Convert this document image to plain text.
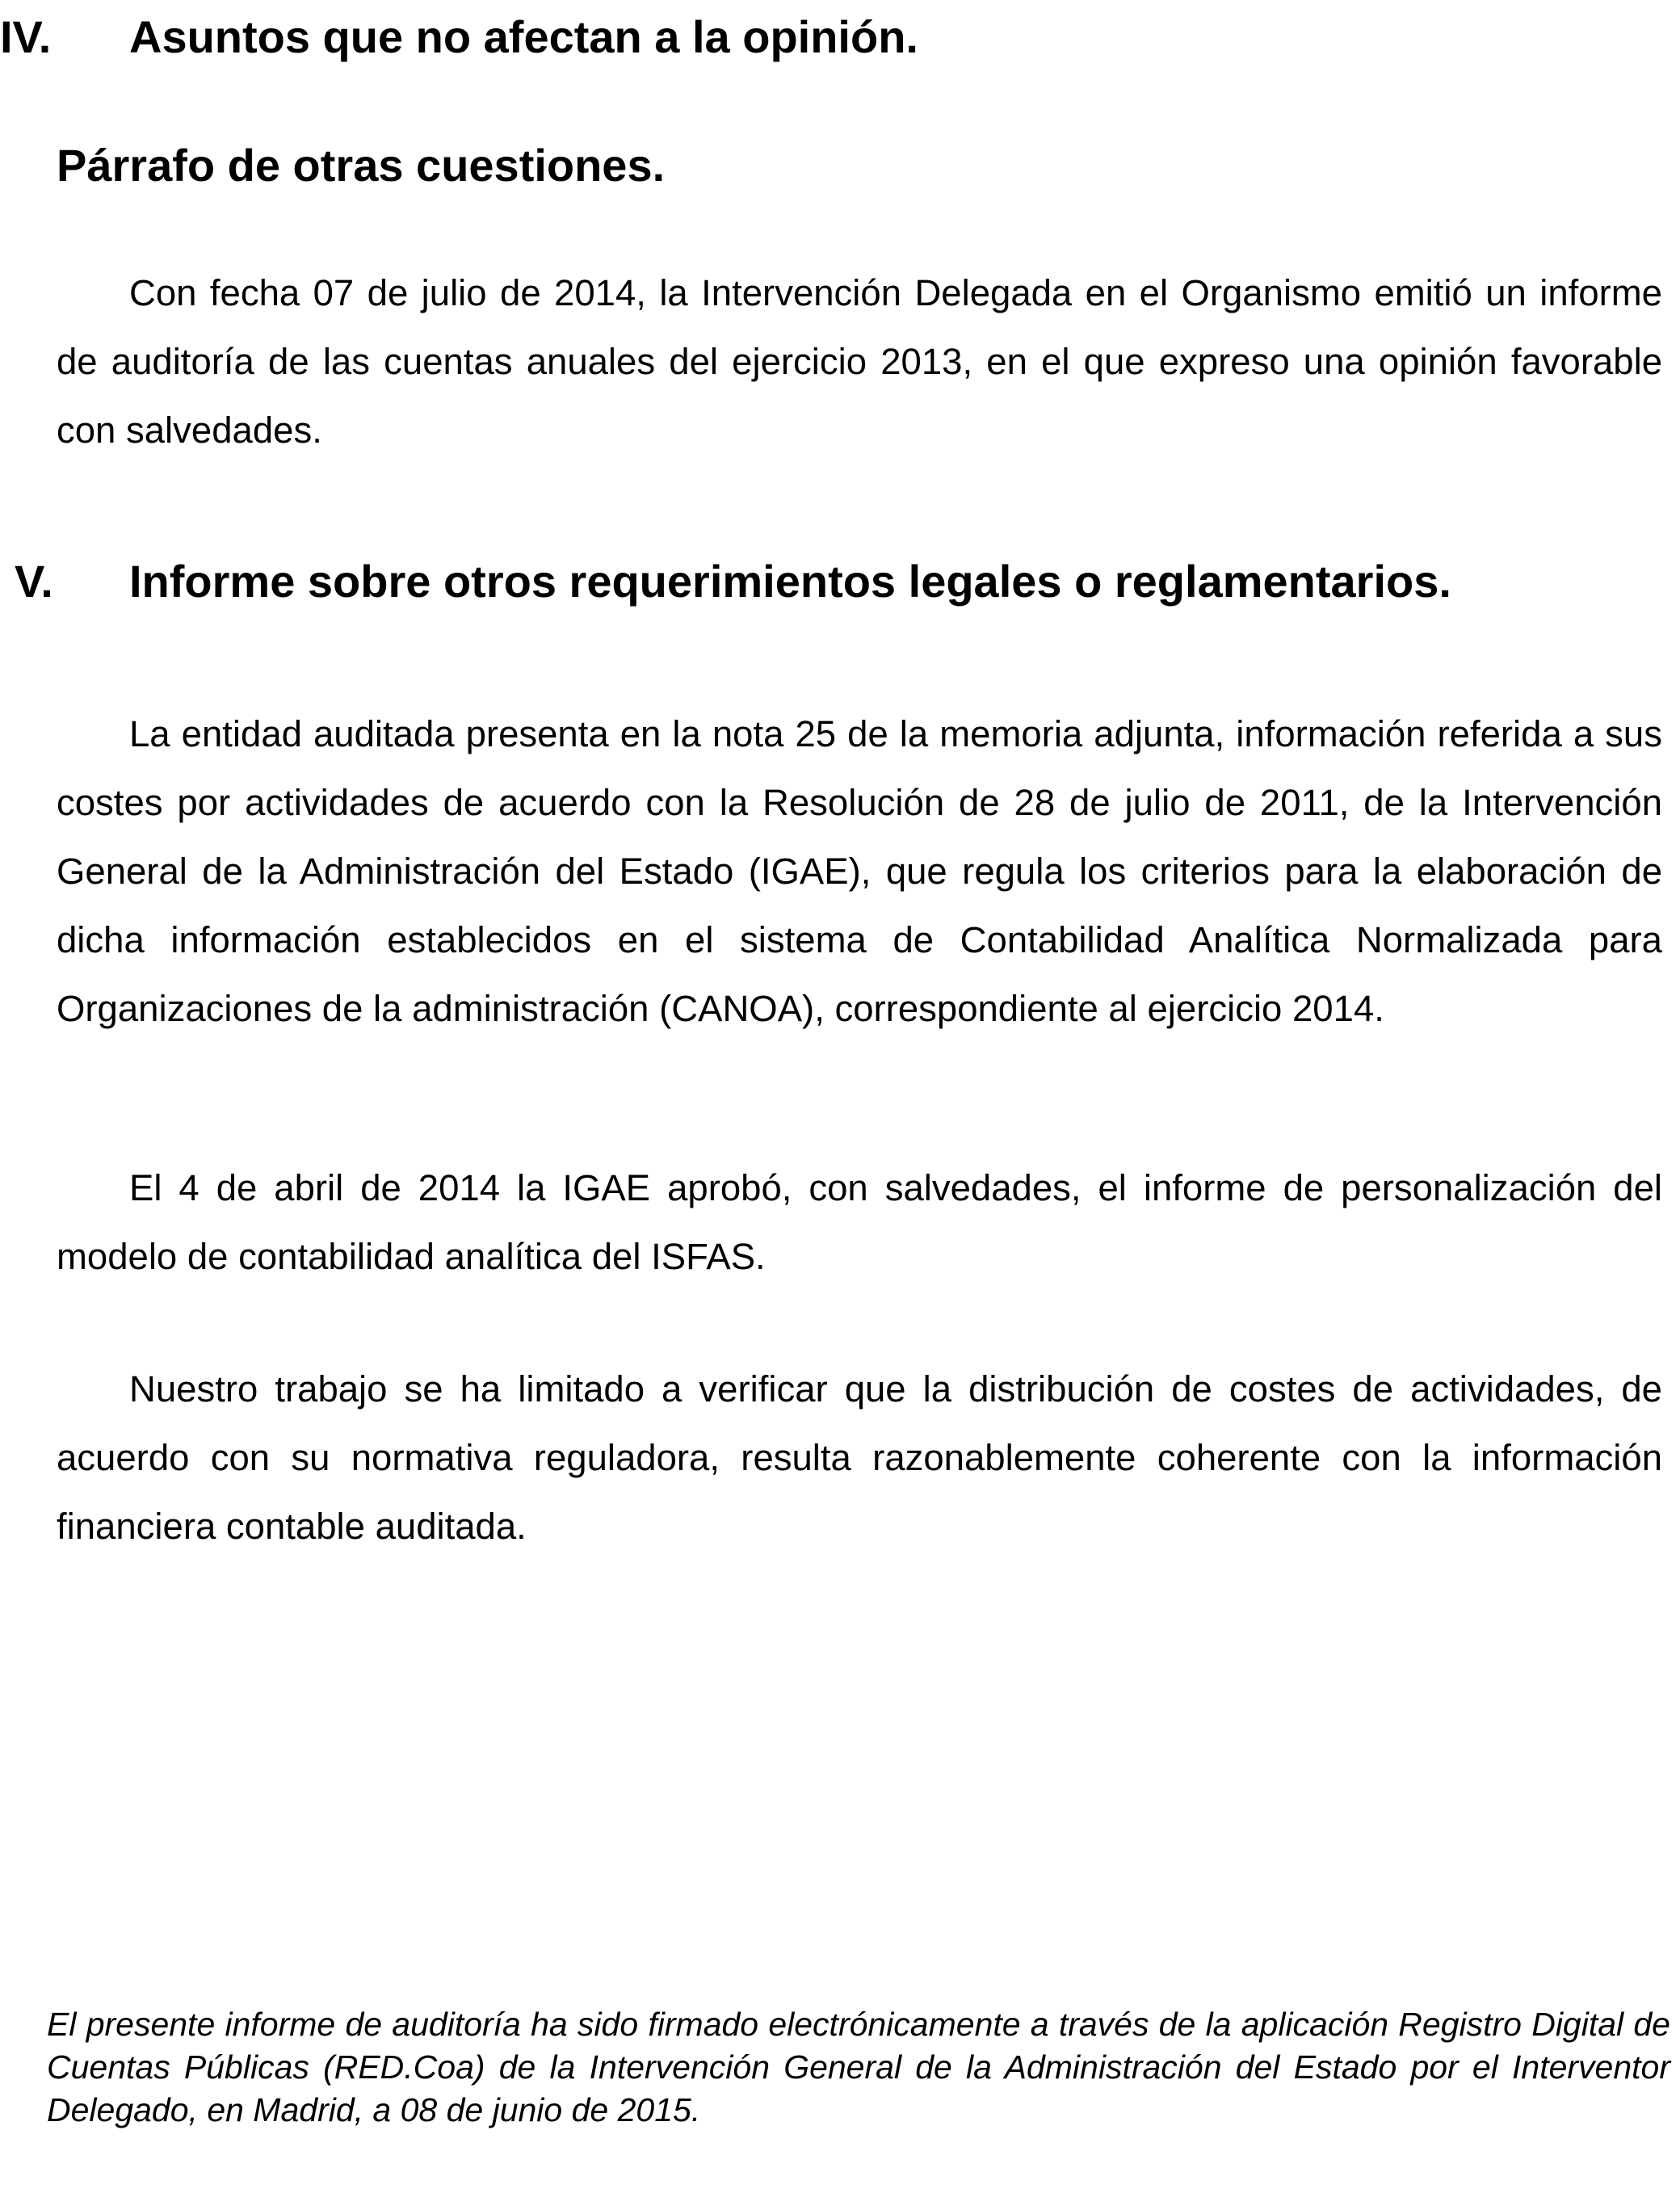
IV. Asuntos que no afectan a la opinión.
Párrafo de otras cuestiones.

Con fecha 07 de julio de 2014, la Intervención Delegada en el Organismo emitió un informe de auditoría de las cuentas anuales del ejercicio 2013, en el que expreso una opinión favorable con salvedades.

V. Informe sobre otros requerimientos legales o reglamentarios.

La entidad auditada presenta en la nota 25 de la memoria adjunta, información referida a sus costes por actividades de acuerdo con la Resolución de 28 de julio de 2011, de la Intervención General de la Administración del Estado (IGAE), que regula los criterios para la elaboración de dicha información establecidos en el sistema de Contabilidad Analítica Normalizada para Organizaciones de la administración (CANOA), correspondiente al ejercicio 2014.

El 4 de abril de 2014 la IGAE aprobó, con salvedades, el informe de personalización del modelo de contabilidad analítica del ISFAS.

Nuestro trabajo se ha limitado a verificar que la distribución de costes de actividades, de acuerdo con su normativa reguladora, resulta razonablemente coherente con la información financiera contable auditada.

El presente informe de auditoría ha sido firmado electrónicamente a través de la aplicación Registro Digital de Cuentas Públicas (RED.Coa) de la Intervención General de la Administración del Estado por el Interventor Delegado, en Madrid, a 08 de junio de 2015.
